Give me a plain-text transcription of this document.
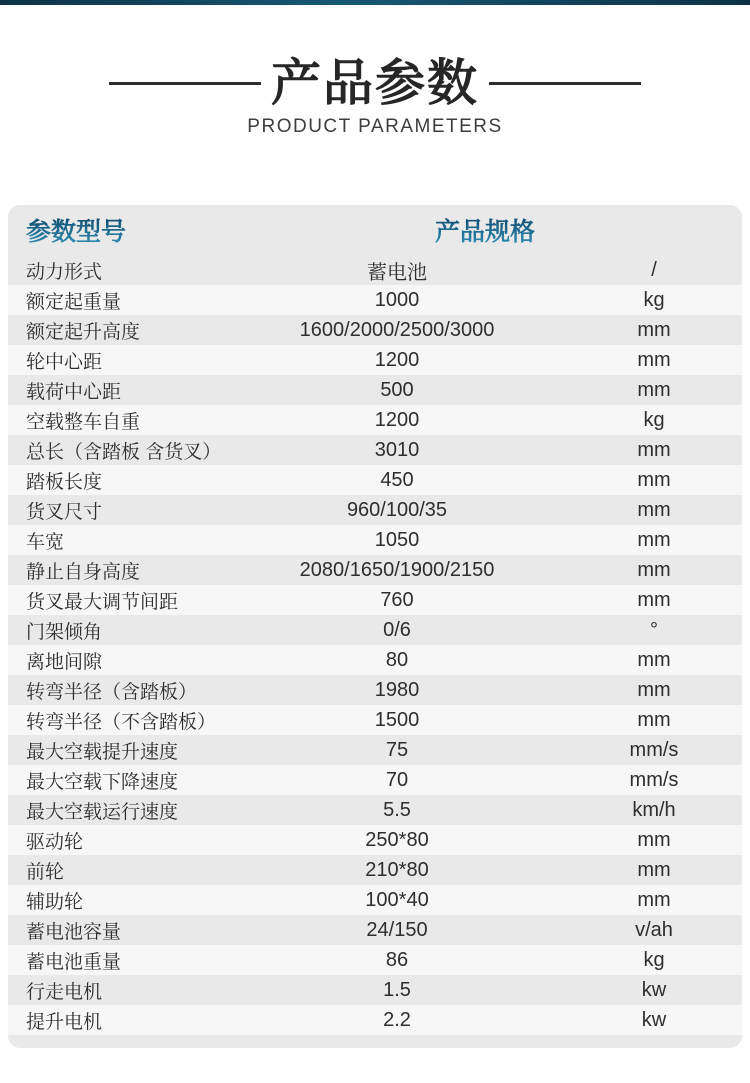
产品参数
PRODUCT PARAMETERS
参数型号	产品规格
动力形式	蓄电池	/
额定起重量	1000	kg
额定起升高度	1600/2000/2500/3000	mm
轮中心距	1200	mm
载荷中心距	500	mm
空载整车自重	1200	kg
总长（含踏板 含货叉）	3010	mm
踏板长度	450	mm
货叉尺寸	960/100/35	mm
车宽	1050	mm
静止自身高度	2080/1650/1900/2150	mm
货叉最大调节间距	760	mm
门架倾角	0/6	°
离地间隙	80	mm
转弯半径（含踏板）	1980	mm
转弯半径（不含踏板）	1500	mm
最大空载提升速度	75	mm/s
最大空载下降速度	70	mm/s
最大空载运行速度	5.5	km/h
驱动轮	250*80	mm
前轮	210*80	mm
辅助轮	100*40	mm
蓄电池容量	24/150	v/ah
蓄电池重量	86	kg
行走电机	1.5	kw
提升电机	2.2	kw
